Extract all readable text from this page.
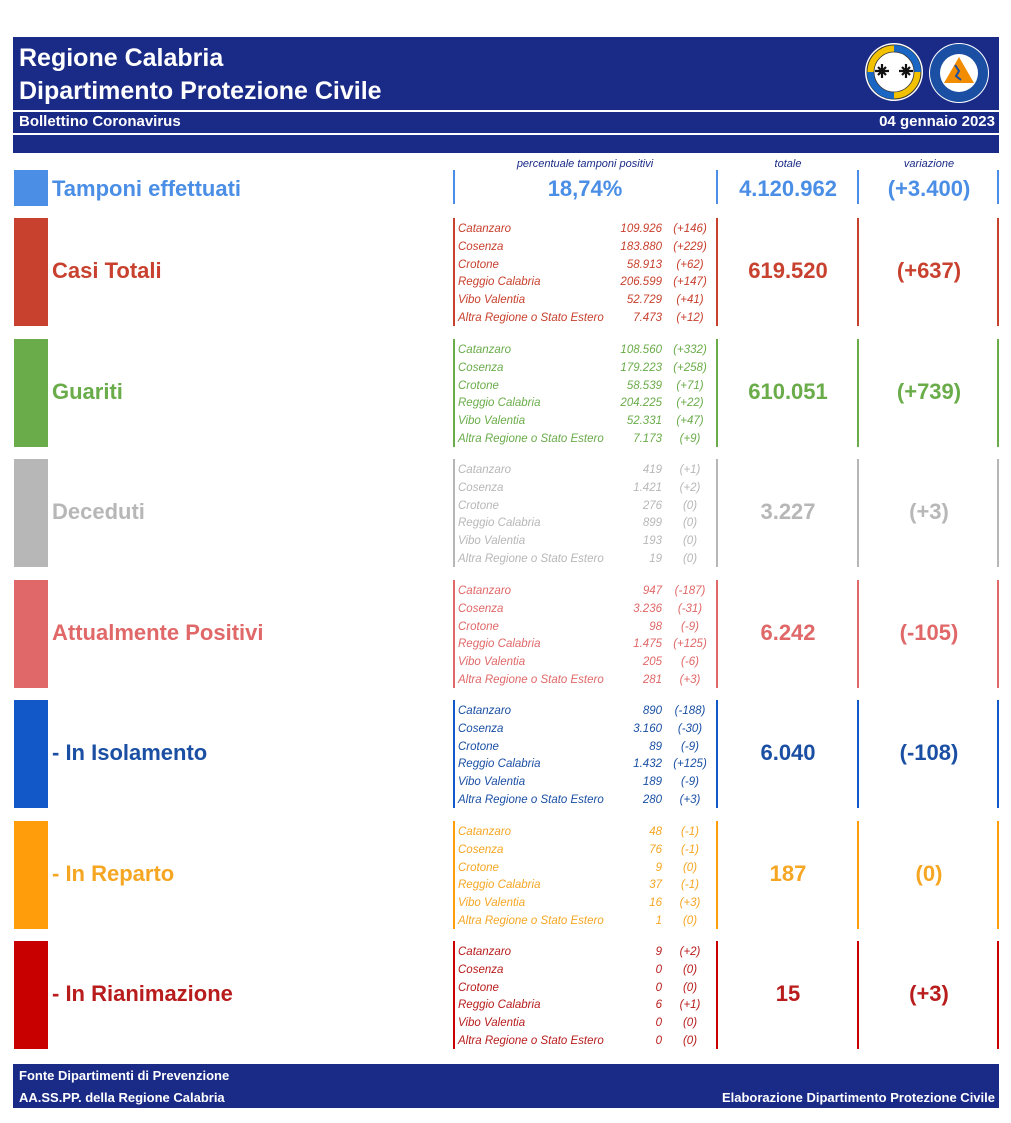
Regione Calabria
Dipartimento Protezione Civile
Bollettino Coronavirus	04 gennaio 2023
percentuale tamponi positivi	totale	variazione
Tamponi effettuati	18,74%	4.120.962	(+3.400)
Casi Totali
Catanzaro	109.926 (+146)
Cosenza	183.880 (+229)
Crotone	58.913	(+62)
Reggio Calabria	206.599 (+147)
Vibo Valentia	52.729	(+41)
Altra Regione o Stato Estero	7.473	(+12)
619.520	(+637)
Guariti
Catanzaro	108.560 (+332)
Cosenza	179.223 (+258)
Crotone	58.539	(+71)
Reggio Calabria	204.225	(+22)
Vibo Valentia	52.331	(+47)
Altra Regione o Stato Estero	7.173	(+9)
610.051	(+739)
Deceduti
Catanzaro	419	(+1)
Cosenza	1.421	(+2)
Crotone	276	(0)
Reggio Calabria	899	(0)
Vibo Valentia	193	(0)
Altra Regione o Stato Estero	19	(0)
3.227	(+3)
Attualmente Positivi
Catanzaro	947	(-187)
Cosenza	3.236	(-31)
Crotone	98	(-9)
Reggio Calabria	1.475 (+125)
Vibo Valentia	205	(-6)
Altra Regione o Stato Estero	281	(+3)
6.242	(-105)
- In Isolamento
Catanzaro	890	(-188)
Cosenza	3.160	(-30)
Crotone	89	(-9)
Reggio Calabria	1.432 (+125)
Vibo Valentia	189	(-9)
Altra Regione o Stato Estero	280	(+3)
6.040	(-108)
- In Reparto
Catanzaro	48	(-1)
Cosenza	76	(-1)
Crotone	9	(0)
Reggio Calabria	37	(-1)
Vibo Valentia	16	(+3)
Altra Regione o Stato Estero	1	(0)
187	(0)
- In Rianimazione
Catanzaro	9	(+2)
Cosenza	0	(0)
Crotone	0	(0)
Reggio Calabria	6	(+1)
Vibo Valentia	0	(0)
Altra Regione o Stato Estero	0	(0)
15	(+3)
Fonte Dipartimenti di Prevenzione
AA.SS.PP. della Regione Calabria	Elaborazione Dipartimento Protezione Civile
